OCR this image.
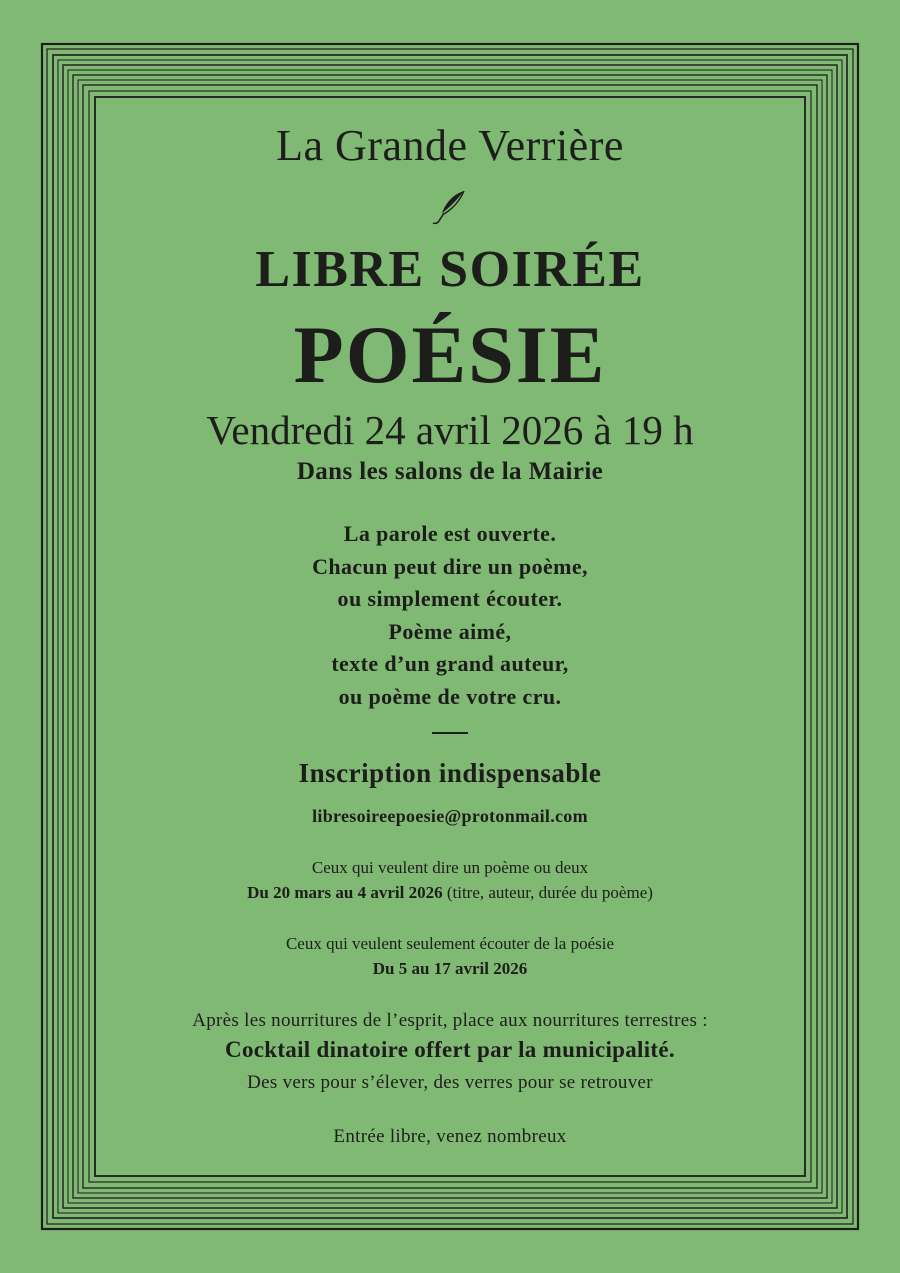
La Grande Verrière
LIBRE SOIRÉE
POÉSIE
Vendredi 24 avril 2026 à 19 h
Dans les salons de la Mairie
La parole est ouverte.
Chacun peut dire un poème,
ou simplement écouter.
Poème aimé,
texte d’un grand auteur,
ou poème de votre cru.
Inscription indispensable
libresoireepoesie@protonmail.com
Ceux qui veulent dire un poème ou deux
Du 20 mars au 4 avril 2026 (titre, auteur, durée du poème)
Ceux qui veulent seulement écouter de la poésie
Du 5 au 17 avril 2026
Après les nourritures de l’esprit, place aux nourritures terrestres :
Cocktail dinatoire offert par la municipalité.
Des vers pour s’élever, des verres pour se retrouver
Entrée libre, venez nombreux
